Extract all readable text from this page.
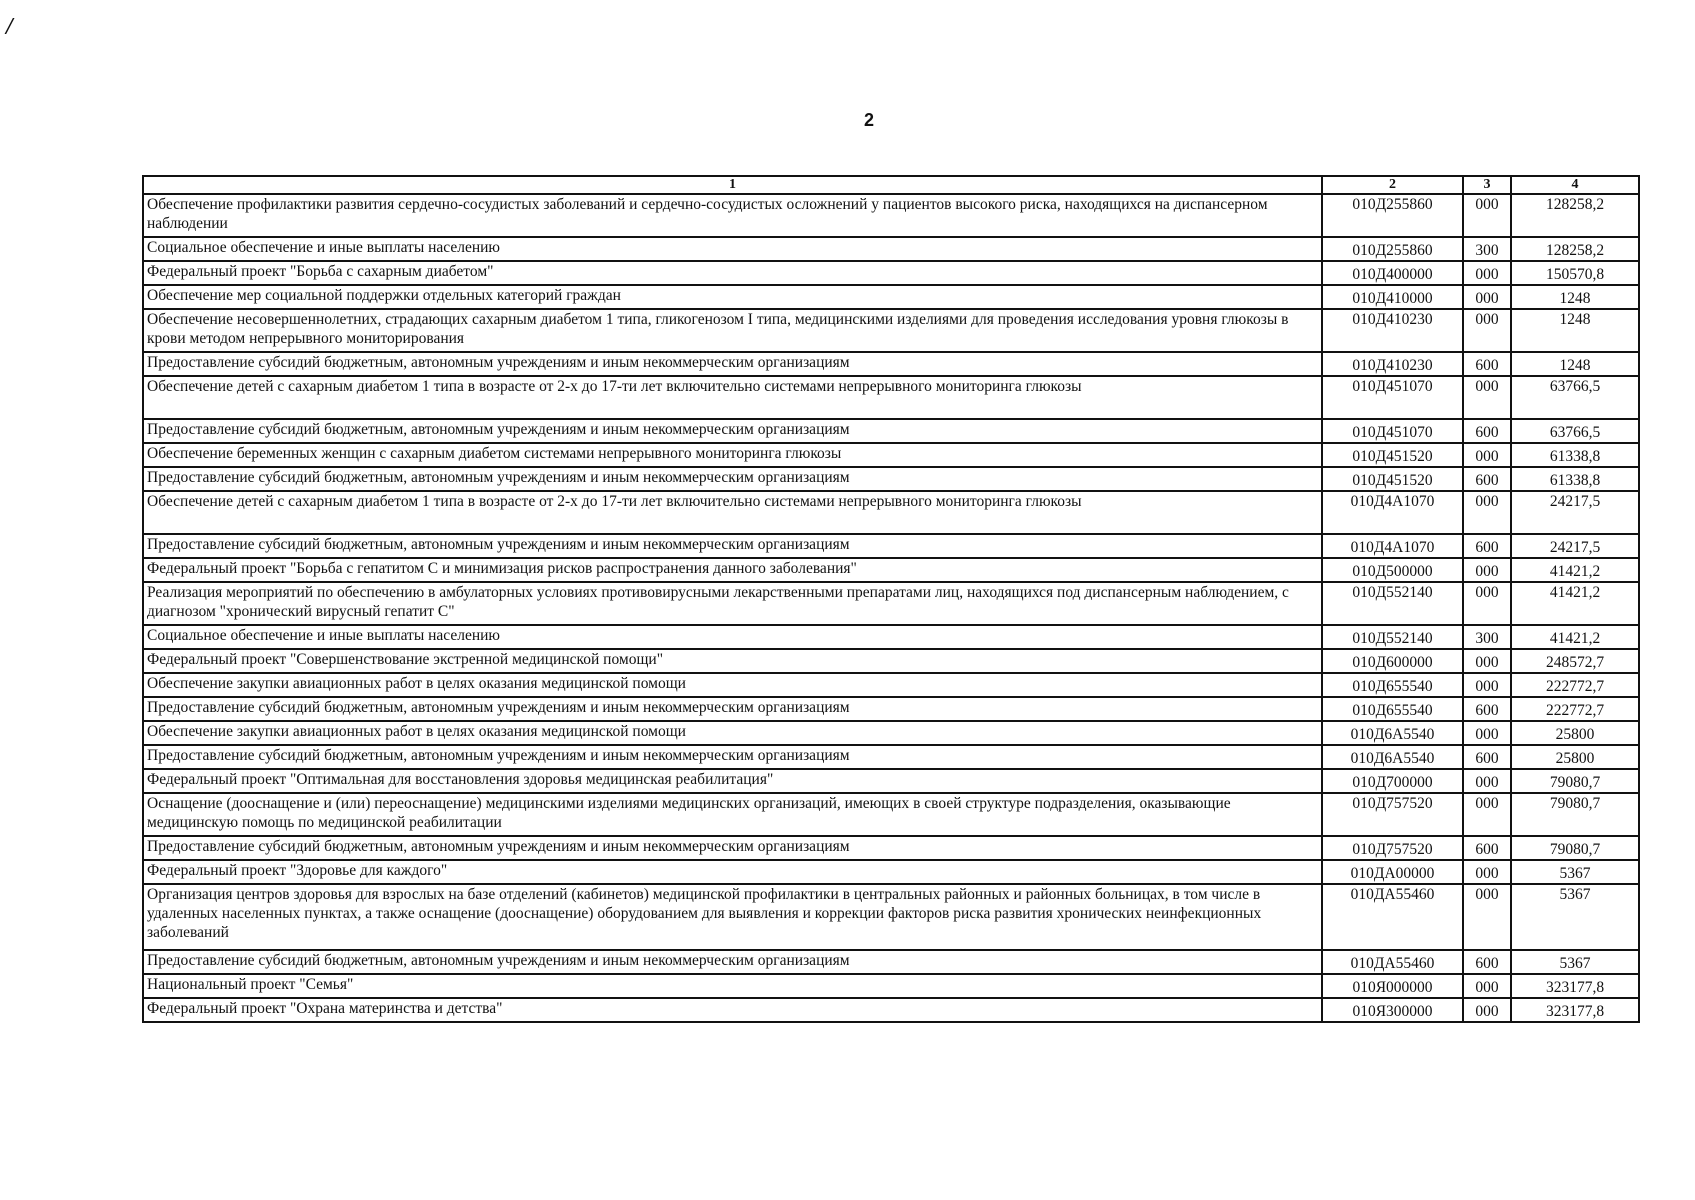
/
2
1	2	3	4
Обеспечение профилактики развития сердечно-сосудистых заболеваний и сердечно-сосудистых осложнений у пациентов высокого риска, находящихся на диспансерном наблюдении	010Д255860	000	128258,2
Социальное обеспечение и иные выплаты населению	010Д255860	300	128258,2
Федеральный проект "Борьба с сахарным диабетом"	010Д400000	000	150570,8
Обеспечение мер социальной поддержки отдельных категорий граждан	010Д410000	000	1248
Обеспечение несовершеннолетних, страдающих сахарным диабетом 1 типа, гликогенозом I типа, медицинскими изделиями для проведения исследования уровня глюкозы в крови методом непрерывного мониторирования	010Д410230	000	1248
Предоставление субсидий бюджетным, автономным учреждениям и иным некоммерческим организациям	010Д410230	600	1248
Обеспечение детей с сахарным диабетом 1 типа в возрасте от 2-х до 17-ти лет включительно системами непрерывного мониторинга глюкозы	010Д451070	000	63766,5
Предоставление субсидий бюджетным, автономным учреждениям и иным некоммерческим организациям	010Д451070	600	63766,5
Обеспечение беременных женщин с сахарным диабетом системами непрерывного мониторинга глюкозы	010Д451520	000	61338,8
Предоставление субсидий бюджетным, автономным учреждениям и иным некоммерческим организациям	010Д451520	600	61338,8
Обеспечение детей с сахарным диабетом 1 типа в возрасте от 2-х до 17-ти лет включительно системами непрерывного мониторинга глюкозы	010Д4А1070	000	24217,5
Предоставление субсидий бюджетным, автономным учреждениям и иным некоммерческим организациям	010Д4А1070	600	24217,5
Федеральный проект "Борьба с гепатитом С и минимизация рисков распространения данного заболевания"	010Д500000	000	41421,2
Реализация мероприятий по обеспечению в амбулаторных условиях противовирусными лекарственными препаратами лиц, находящихся под диспансерным наблюдением, с диагнозом "хронический вирусный гепатит С"	010Д552140	000	41421,2
Социальное обеспечение и иные выплаты населению	010Д552140	300	41421,2
Федеральный проект "Совершенствование экстренной медицинской помощи"	010Д600000	000	248572,7
Обеспечение закупки авиационных работ в целях оказания медицинской помощи	010Д655540	000	222772,7
Предоставление субсидий бюджетным, автономным учреждениям и иным некоммерческим организациям	010Д655540	600	222772,7
Обеспечение закупки авиационных работ в целях оказания медицинской помощи	010Д6А5540	000	25800
Предоставление субсидий бюджетным, автономным учреждениям и иным некоммерческим организациям	010Д6А5540	600	25800
Федеральный проект "Оптимальная для восстановления здоровья медицинская реабилитация"	010Д700000	000	79080,7
Оснащение (дооснащение и (или) переоснащение) медицинскими изделиями медицинских организаций, имеющих в своей структуре подразделения, оказывающие медицинскую помощь по медицинской реабилитации	010Д757520	000	79080,7
Предоставление субсидий бюджетным, автономным учреждениям и иным некоммерческим организациям	010Д757520	600	79080,7
Федеральный проект "Здоровье для каждого"	010ДА00000	000	5367
Организация центров здоровья для взрослых на базе отделений (кабинетов) медицинской профилактики в центральных районных и районных больницах, в том числе в удаленных населенных пунктах, а также оснащение (дооснащение) оборудованием для выявления и коррекции факторов риска развития хронических неинфекционных заболеваний	010ДА55460	000	5367
Предоставление субсидий бюджетным, автономным учреждениям и иным некоммерческим организациям	010ДА55460	600	5367
Национальный проект "Семья"	010Я000000	000	323177,8
Федеральный проект "Охрана материнства и детства"	010Я300000	000	323177,8
